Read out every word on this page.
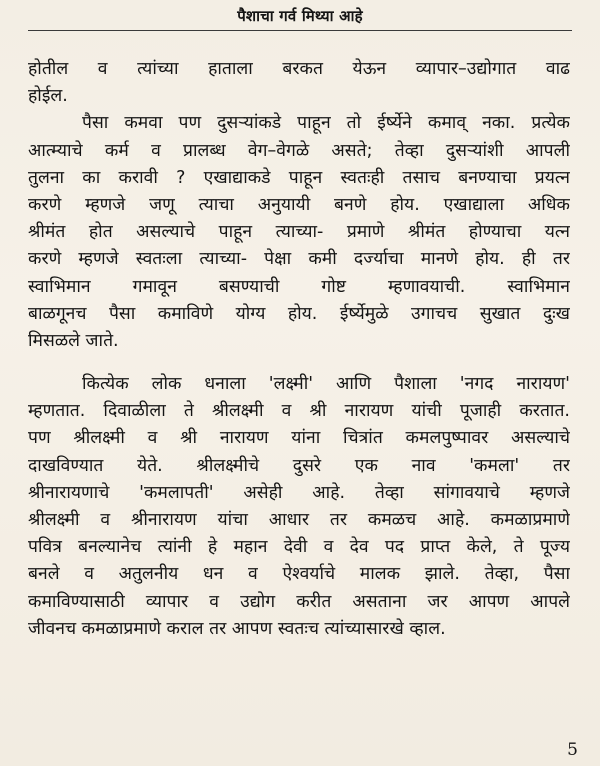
पैशाचा गर्व मिथ्या आहे
होतील व त्यांच्या हाताला बरकत येऊन व्यापार–उद्योगात वाढ
होईल.
पैसा कमवा पण दुसऱ्यांकडे पाहून तो ईर्ष्येने कमाव् नका. प्रत्येक
आत्म्याचे कर्म व प्रालब्ध वेग–वेगळे असते; तेव्हा दुसऱ्यांशी आपली
तुलना का करावी ? एखाद्याकडे पाहून स्वतःही तसाच बनण्याचा प्रयत्न
करणे म्हणजे जणू त्याचा अनुयायी बनणे होय. एखाद्याला अधिक
श्रीमंत होत असल्याचे पाहून त्याच्या- प्रमाणे श्रीमंत होण्याचा यत्न
करणे म्हणजे स्वतःला त्याच्या- पेक्षा कमी दर्ज्याचा मानणे होय. ही तर
स्वाभिमान गमावून बसण्याची गोष्ट म्हणावयाची. स्वाभिमान
बाळगूनच पैसा कमाविणे योग्य होय. ईर्ष्येमुळे उगाचच सुखात दुःख
मिसळले जाते.
कित्येक लोक धनाला 'लक्ष्मी' आणि पैशाला 'नगद नारायण'
म्हणतात. दिवाळीला ते श्रीलक्ष्मी व श्री नारायण यांची पूजाही करतात.
पण श्रीलक्ष्मी व श्री नारायण यांना चित्रांत कमलपुष्पावर असल्याचे
दाखविण्यात येते. श्रीलक्ष्मीचे दुसरे एक नाव 'कमला' तर
श्रीनारायणाचे 'कमलापती' असेही आहे. तेव्हा सांगावयाचे म्हणजे
श्रीलक्ष्मी व श्रीनारायण यांचा आधार तर कमळच आहे. कमळाप्रमाणे
पवित्र बनल्यानेच त्यांनी हे महान देवी व देव पद प्राप्त केले, ते पूज्य
बनले व अतुलनीय धन व ऐश्वर्याचे मालक झाले. तेव्हा, पैसा
कमाविण्यासाठी व्यापार व उद्योग करीत असताना जर आपण आपले
जीवनच कमळाप्रमाणे कराल तर आपण स्वतःच त्यांच्यासारखे व्हाल.
5
